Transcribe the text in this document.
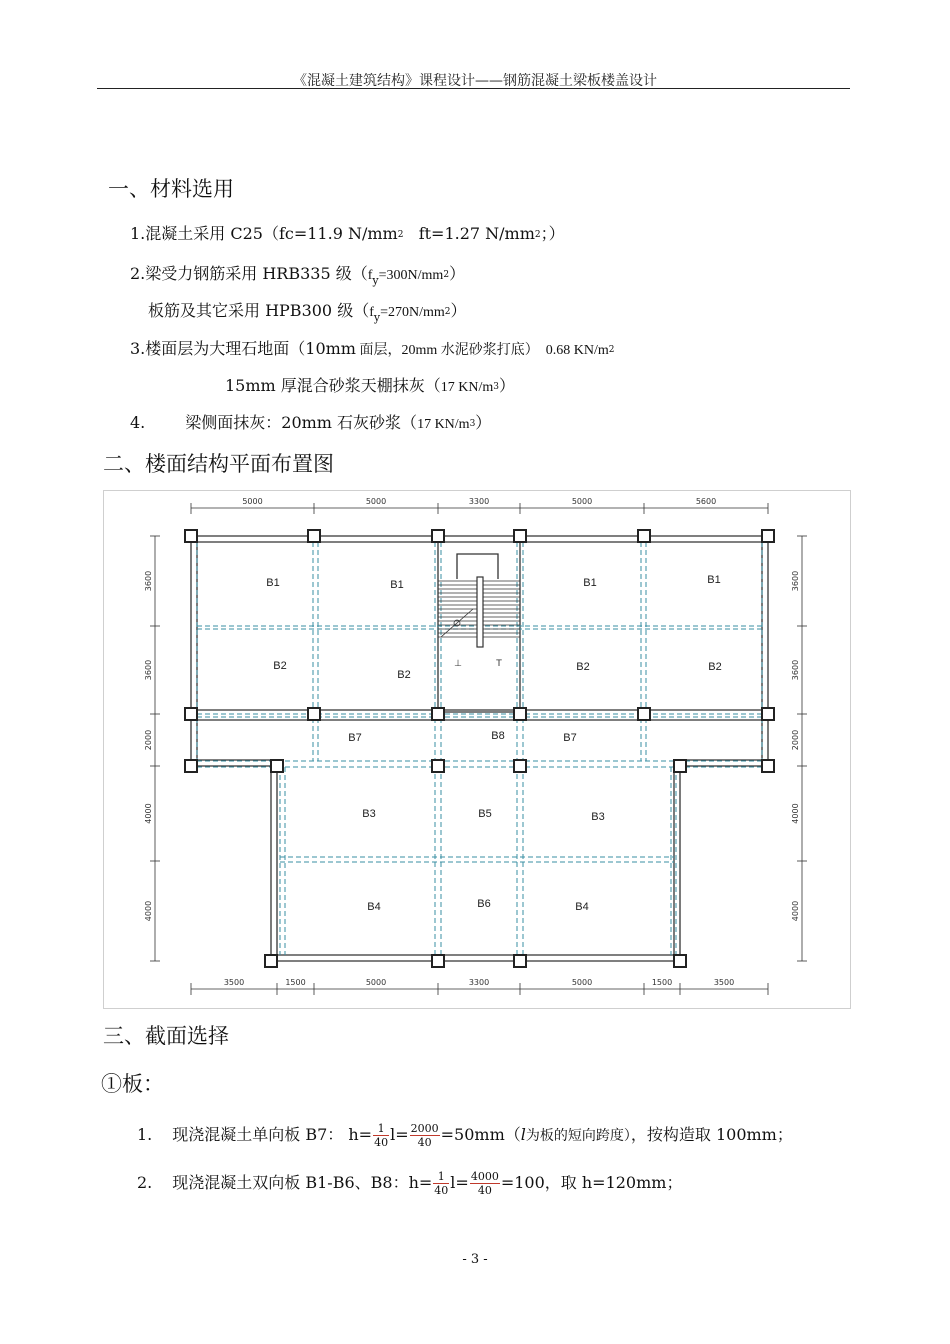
《混凝土建筑结构》课程设计——钢筋混凝土梁板楼盖设计
一、材料选用
1.混凝土采用 C25（fc=11.9 $N/mm^2$   ft=1.27 $N/mm^2$；）
2.梁受力钢筋采用 HRB335 级$(f_y=300N/mm^2)$
板筋及其它采用 HPB300 级$(f_y=270N/mm^2)$
3.楼面层为大理石地面（10mm 面层，20mm 水泥砂浆打底）  0.68 $KN/m^2$
15mm 厚混合砂浆天棚抹灰（17 $KN/m^3$）
4.	梁侧面抹灰：20mm 石灰砂浆（17 $KN/m^3$）
二、楼面结构平面布置图
5000	5000	3300	5000	5600
3500	1500	5000	3300	5000	1500	3500
3600
3600
2000
4000
4000
3600
3600
2000
4000
4000
⊥	T
B1	B1	B1	B1
B2
B2
B2	B2
B7	B8	B7
B3	B5	B3
B4	B6	B4
三、截面选择
①板：
1. 现浇混凝土单向板 B7： $h= \frac{1}{40} l= \frac{2000}{40} =50mm(l$为板的短向跨度），按构造取 100mm；
2. 现浇混凝土双向板 B1-B6、B8：$h= \frac{1}{40} l= \frac{4000}{40} =100$，取 h=120mm；
- 3 -
